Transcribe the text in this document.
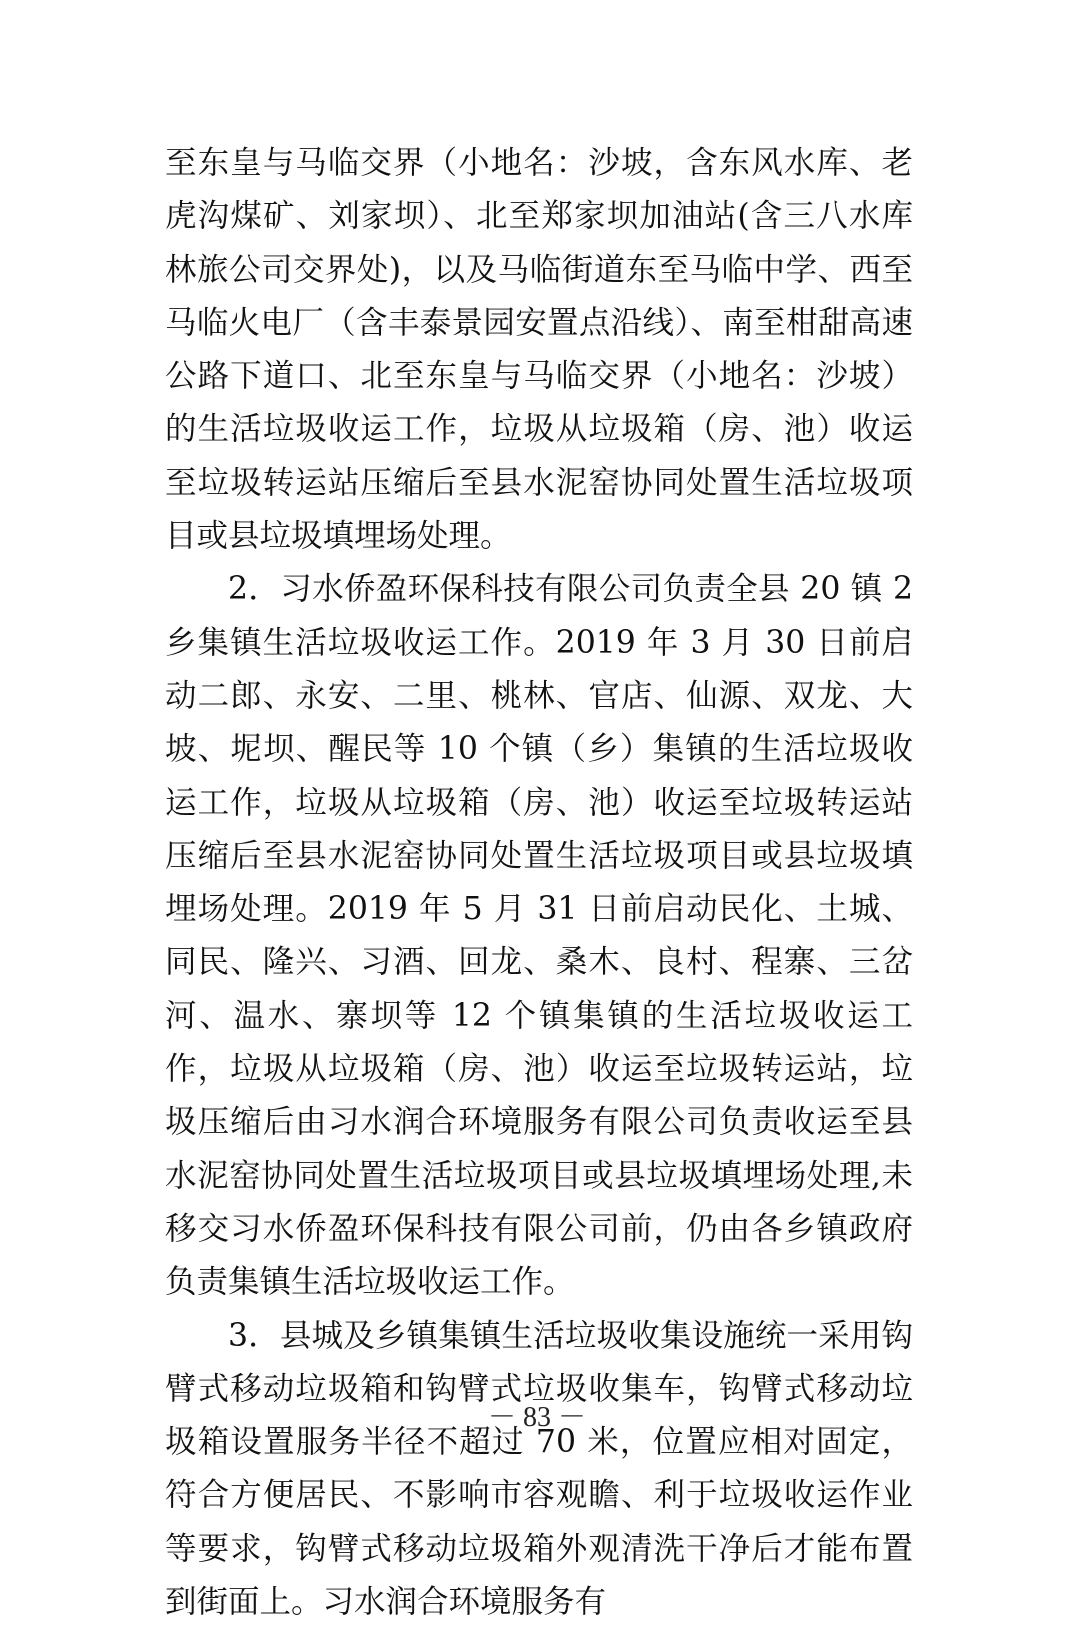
至东皇与马临交界（小地名：沙坡，含东风水库、老虎沟煤矿、刘家坝）、北至郑家坝加油站(含三八水库林旅公司交界处)，以及马临街道东至马临中学、西至马临火电厂（含丰泰景园安置点沿线）、南至柑甜高速公路下道口、北至东皇与马临交界（小地名：沙坡）的生活垃圾收运工作，垃圾从垃圾箱（房、池）收运至垃圾转运站压缩后至县水泥窑协同处置生活垃圾项目或县垃圾填埋场处理。

2．习水侨盈环保科技有限公司负责全县 20 镇 2 乡集镇生活垃圾收运工作。2019 年 3 月 30 日前启动二郎、永安、二里、桃林、官店、仙源、双龙、大坡、坭坝、醒民等 10 个镇（乡）集镇的生活垃圾收运工作，垃圾从垃圾箱（房、池）收运至垃圾转运站压缩后至县水泥窑协同处置生活垃圾项目或县垃圾填埋场处理。2019 年 5 月 31 日前启动民化、土城、同民、隆兴、习酒、回龙、桑木、良村、程寨、三岔河、温水、寨坝等 12 个镇集镇的生活垃圾收运工作，垃圾从垃圾箱（房、池）收运至垃圾转运站，垃圾压缩后由习水润合环境服务有限公司负责收运至县水泥窑协同处置生活垃圾项目或县垃圾填埋场处理,未移交习水侨盈环保科技有限公司前，仍由各乡镇政府负责集镇生活垃圾收运工作。

3．县城及乡镇集镇生活垃圾收集设施统一采用钩臂式移动垃圾箱和钩臂式垃圾收集车，钩臂式移动垃圾箱设置服务半径不超过 70 米，位置应相对固定，符合方便居民、不影响市容观瞻、利于垃圾收运作业等要求，钩臂式移动垃圾箱外观清洗干净后才能布置到街面上。习水润合环境服务有

－ 83 －
